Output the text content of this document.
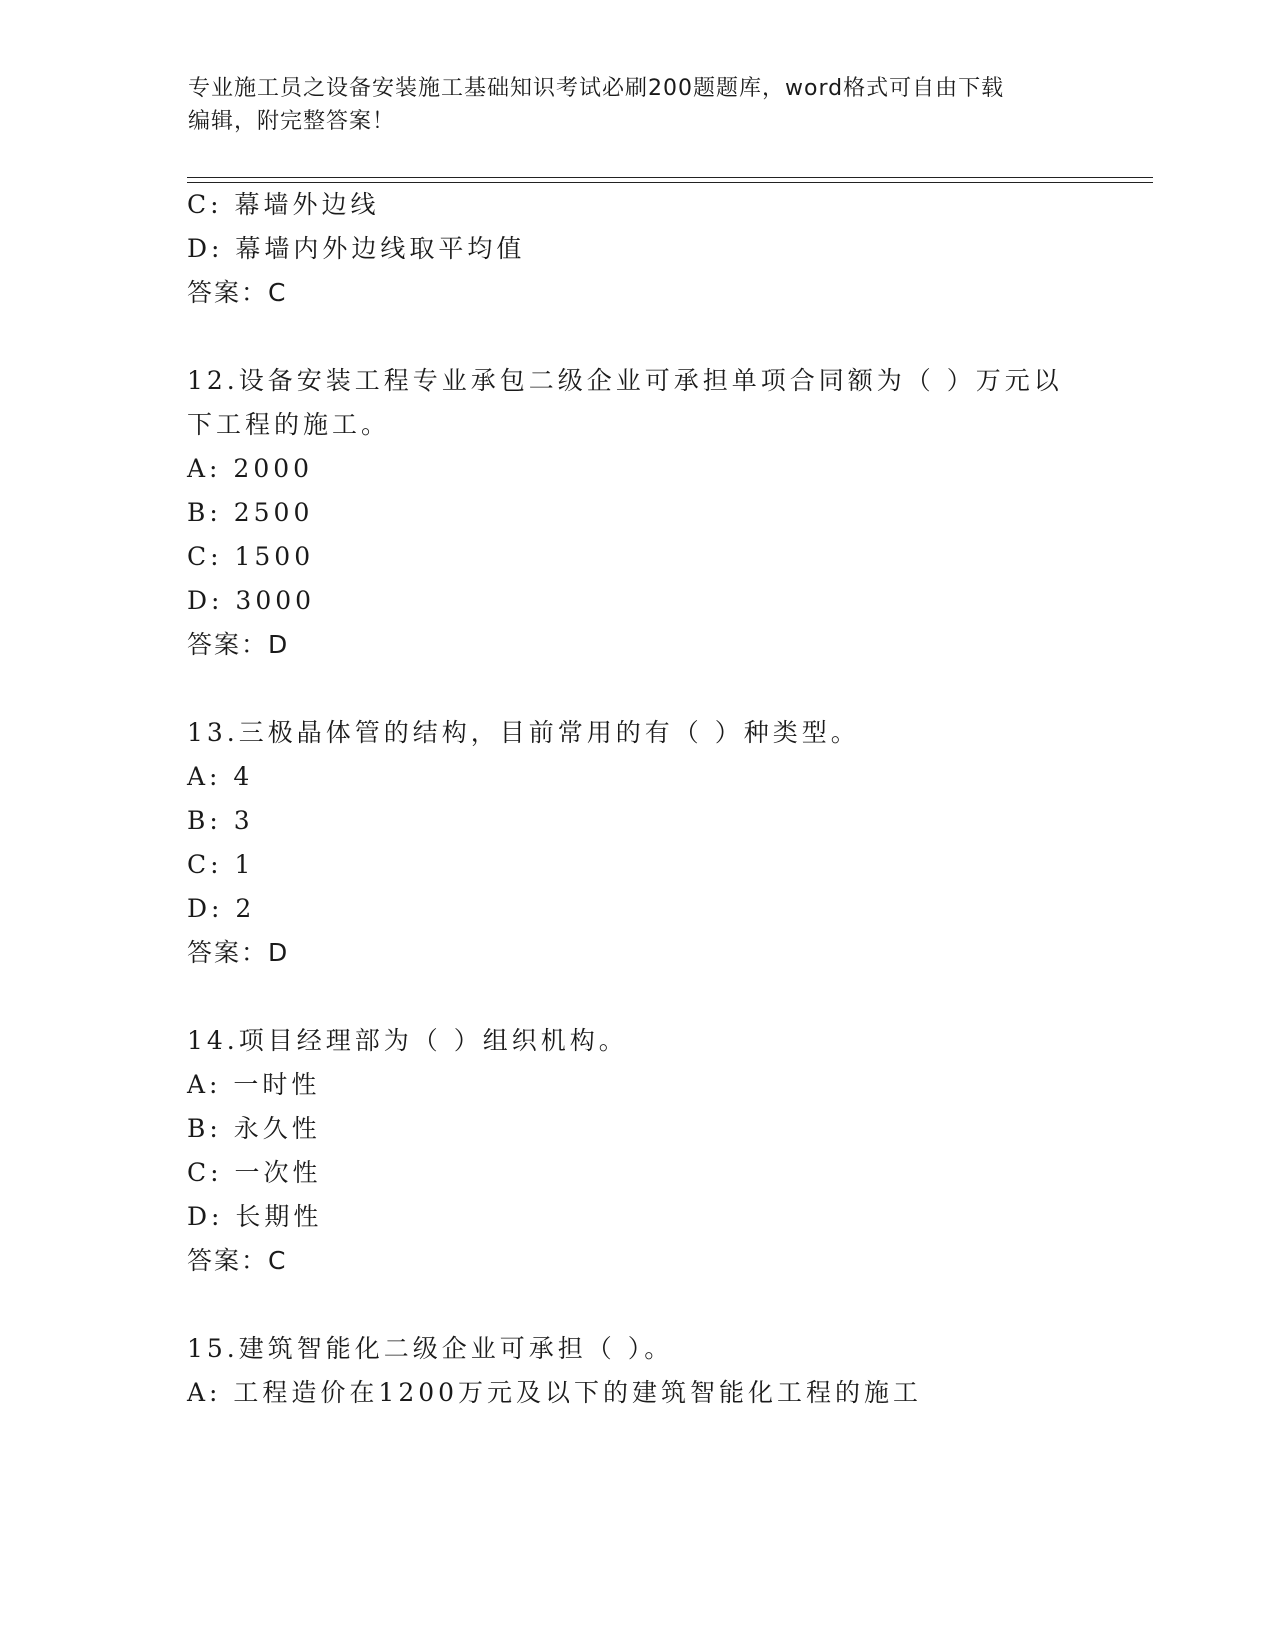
专业施工员之设备安装施工基础知识考试必刷200题题库，word格式可自由下载
编辑，附完整答案！
C: 幕墙外边线
D: 幕墙内外边线取平均值
答案：C
12.设备安装工程专业承包二级企业可承担单项合同额为（ ）万元以
下工程的施工。
A: 2000
B: 2500
C: 1500
D: 3000
答案：D
13.三极晶体管的结构，目前常用的有（ ）种类型。
A: 4
B: 3
C: 1
D: 2
答案：D
14.项目经理部为（ ）组织机构。
A: 一时性
B: 永久性
C: 一次性
D: 长期性
答案：C
15.建筑智能化二级企业可承担（ ）。
A: 工程造价在1200万元及以下的建筑智能化工程的施工
